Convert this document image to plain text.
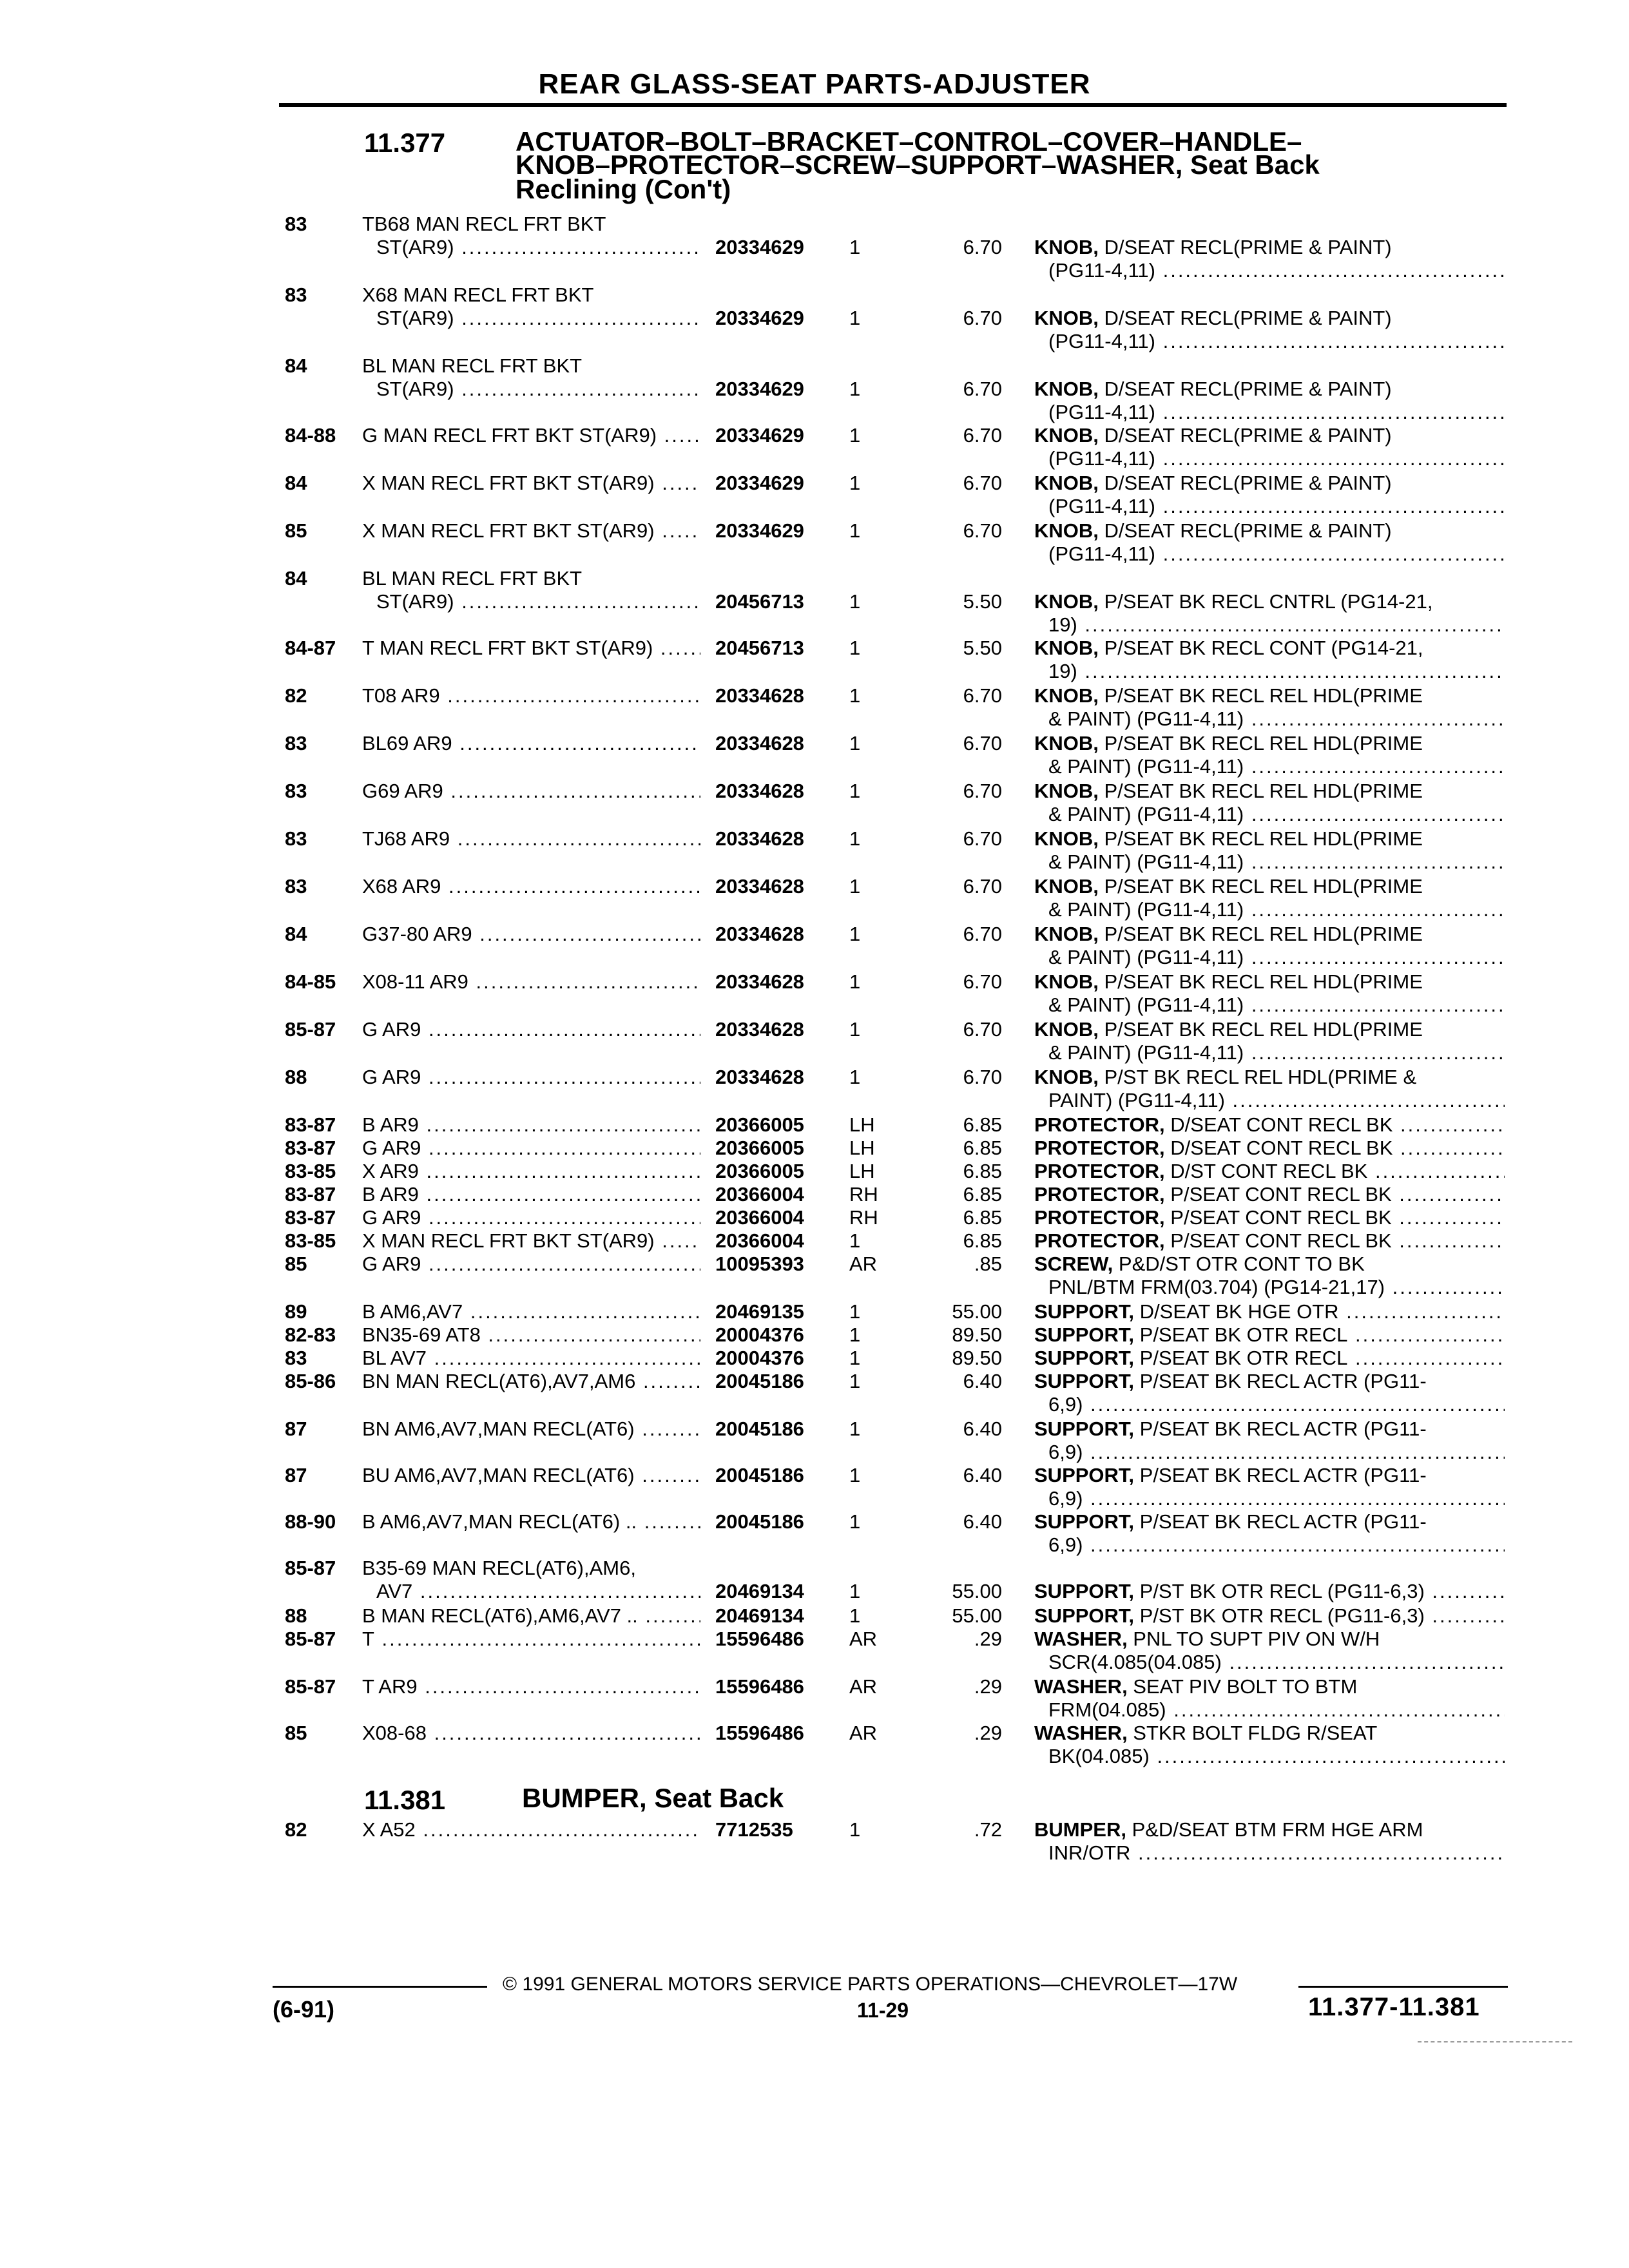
REAR GLASS-SEAT PARTS-ADJUSTER
11.377	ACTUATOR–BOLT–BRACKET–CONTROL–COVER–HANDLE–
KNOB–PROTECTOR–SCREW–SUPPORT–WASHER, Seat Back
Reclining (Con't)
83	TB68 MAN RECL FRT BKT
ST(AR9) .....	20334629 1	6.70 KNOB, D/SEAT RECL(PRIME & PAINT)
(PG11-4,11) .....
83	X68 MAN RECL FRT BKT
ST(AR9) .....	20334629 1	6.70 KNOB, D/SEAT RECL(PRIME & PAINT)
(PG11-4,11) .....
84	BL MAN RECL FRT BKT
ST(AR9) .....	20334629 1	6.70 KNOB, D/SEAT RECL(PRIME & PAINT)
(PG11-4,11) .....
84-88 G MAN RECL FRT BKT ST(AR9) .....	20334629 1	6.70 KNOB, D/SEAT RECL(PRIME & PAINT)
(PG11-4,11) .....
84	X MAN RECL FRT BKT ST(AR9) .....	20334629 1	6.70 KNOB, D/SEAT RECL(PRIME & PAINT)
(PG11-4,11) .....
85	X MAN RECL FRT BKT ST(AR9) .....	20334629 1	6.70 KNOB, D/SEAT RECL(PRIME & PAINT)
(PG11-4,11) .....
84	BL MAN RECL FRT BKT
ST(AR9) .....	20456713 1	5.50 KNOB, P/SEAT BK RECL CNTRL (PG14-21,
19) .....
84-87 T MAN RECL FRT BKT ST(AR9) .....	20456713 1	5.50 KNOB, P/SEAT BK RECL CONT (PG14-21,
19) .....
82	T08 AR9 .....	20334628 1	6.70 KNOB, P/SEAT BK RECL REL HDL(PRIME
& PAINT) (PG11-4,11) .....
83	BL69 AR9 .....	20334628 1	6.70 KNOB, P/SEAT BK RECL REL HDL(PRIME
& PAINT) (PG11-4,11) .....
83	G69 AR9 .....	20334628 1	6.70 KNOB, P/SEAT BK RECL REL HDL(PRIME
& PAINT) (PG11-4,11) .....
83	TJ68 AR9 .....	20334628 1	6.70 KNOB, P/SEAT BK RECL REL HDL(PRIME
& PAINT) (PG11-4,11) .....
83	X68 AR9 .....	20334628 1	6.70 KNOB, P/SEAT BK RECL REL HDL(PRIME
& PAINT) (PG11-4,11) .....
84	G37-80 AR9 .....	20334628 1	6.70 KNOB, P/SEAT BK RECL REL HDL(PRIME
& PAINT) (PG11-4,11) .....
84-85 X08-11 AR9 .....	20334628 1	6.70 KNOB, P/SEAT BK RECL REL HDL(PRIME
& PAINT) (PG11-4,11) .....
85-87 G AR9 .....	20334628 1	6.70 KNOB, P/SEAT BK RECL REL HDL(PRIME
& PAINT) (PG11-4,11) .....
88	G AR9 .....	20334628 1	6.70 KNOB, P/ST BK RECL REL HDL(PRIME &
PAINT) (PG11-4,11) .....
83-87 B AR9 .....	20366005 LH	6.85 PROTECTOR, D/SEAT CONT RECL BK .....
83-87 G AR9 .....	20366005 LH	6.85 PROTECTOR, D/SEAT CONT RECL BK .....
83-85 X AR9 .....	20366005 LH	6.85 PROTECTOR, D/ST CONT RECL BK .....
83-87 B AR9 .....	20366004 RH	6.85 PROTECTOR, P/SEAT CONT RECL BK .....
83-87 G AR9 .....	20366004 RH	6.85 PROTECTOR, P/SEAT CONT RECL BK .....
83-85 X MAN RECL FRT BKT ST(AR9) .....	20366004 1	6.85 PROTECTOR, P/SEAT CONT RECL BK .....
85	G AR9 .....	10095393 AR	.85 SCREW, P&D/ST OTR CONT TO BK
PNL/BTM FRM(03.704) (PG14-21,17) .....
89	B AM6,AV7 .....	20469135 1	55.00 SUPPORT, D/SEAT BK HGE OTR .....
82-83 BN35-69 AT8 .....	20004376 1	89.50 SUPPORT, P/SEAT BK OTR RECL .....
83	BL AV7 .....	20004376 1	89.50 SUPPORT, P/SEAT BK OTR RECL .....
85-86 BN MAN RECL(AT6),AV7,AM6 .....	20045186 1	6.40 SUPPORT, P/SEAT BK RECL ACTR (PG11-
6,9) .....
87	BN AM6,AV7,MAN RECL(AT6) .....	20045186 1	6.40 SUPPORT, P/SEAT BK RECL ACTR (PG11-
6,9) .....
87	BU AM6,AV7,MAN RECL(AT6) .....	20045186 1	6.40 SUPPORT, P/SEAT BK RECL ACTR (PG11-
6,9) .....
88-90 B AM6,AV7,MAN RECL(AT6) .. .....	20045186 1	6.40 SUPPORT, P/SEAT BK RECL ACTR (PG11-
6,9) .....
85-87 B35-69 MAN RECL(AT6),AM6,
AV7 .....	20469134 1	55.00 SUPPORT, P/ST BK OTR RECL (PG11-6,3) .....
88	B MAN RECL(AT6),AM6,AV7 .. .....	20469134 1	55.00 SUPPORT, P/ST BK OTR RECL (PG11-6,3) .....
85-87 T .....	15596486 AR	.29 WASHER, PNL TO SUPT PIV ON W/H
SCR(4.085(04.085) .....
85-87 T AR9 .....	15596486 AR	.29 WASHER, SEAT PIV BOLT TO BTM
FRM(04.085) .....
85	X08-68 .....	15596486 AR	.29 WASHER, STKR BOLT FLDG R/SEAT
BK(04.085) .....
11.381	BUMPER, Seat Back
82	X A52 .....	7712535	1	.72 BUMPER, P&D/SEAT BTM FRM HGE ARM
INR/OTR .....
© 1991 GENERAL MOTORS SERVICE PARTS OPERATIONS—CHEVROLET—17W
(6-91)	11-29	11.377-11.381
